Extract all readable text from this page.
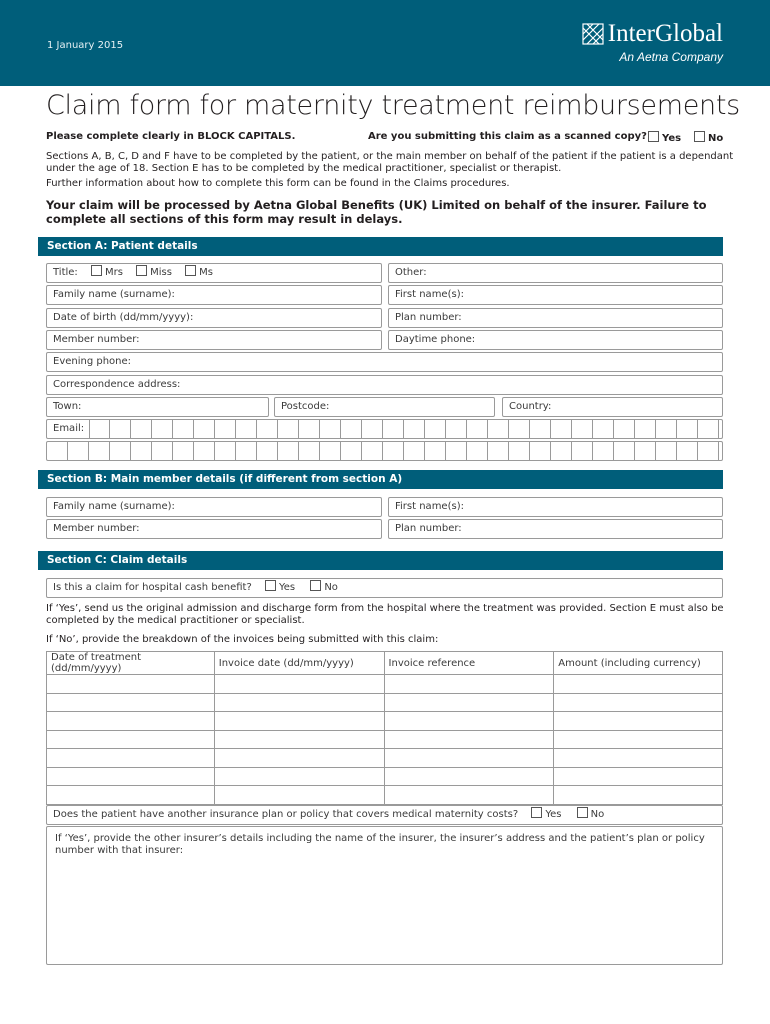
1 January 2015	InterGlobal
An Aetna Company
Claim form for maternity treatment reimbursements
Please complete clearly in BLOCK CAPITALS.	Are you submitting this claim as a scanned copy?	Yes	No
Sections A, B, C, D and F have to be completed by the patient, or the main member on behalf of the patient if the patient is a dependant under the age of 18. Section E has to be completed by the medical practitioner, specialist or therapist.
Further information about how to complete this form can be found in the Claims procedures.
Your claim will be processed by Aetna Global Benefits (UK) Limited on behalf of the insurer. Failure to complete all sections of this form may result in delays.
Section A: Patient details
Title:	Mrs	Miss	Ms	Other:
Family name (surname):	First name(s):
Date of birth (dd/mm/yyyy):	Plan number:
Member number:	Daytime phone:
Evening phone:
Correspondence address:
Town:	Postcode:	Country:
Email:
Section B: Main member details (if different from section A)
Family name (surname):	First name(s):
Member number:	Plan number:
Section C: Claim details
Is this a claim for hospital cash benefit?	Yes	No
If ‘Yes’, send us the original admission and discharge form from the hospital where the treatment was provided. Section E must also be completed by the medical practitioner or specialist.
If ‘No’, provide the breakdown of the invoices being submitted with this claim:
Date of treatment (dd/mm/yyyy)	Invoice date (dd/mm/yyyy)	Invoice reference	Amount (including currency)

Does the patient have another insurance plan or policy that covers medical maternity costs?	Yes	No
If ‘Yes’, provide the other insurer’s details including the name of the insurer, the insurer’s address and the patient’s plan or policy number with that insurer:
